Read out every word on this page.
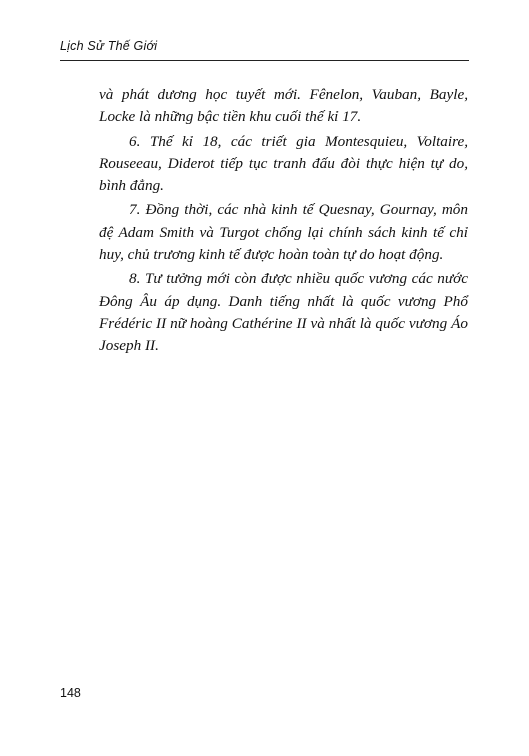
Lịch Sử Thế Giới

và phát dương học tuyết mới. Fênelon, Vauban, Bayle, Locke là những bậc tiền khu cuối thế kỉ 17.

6. Thế kỉ 18, các triết gia Montesquieu, Voltaire, Rouseeau, Diderot tiếp tục tranh đấu đòi thực hiện tự do, bình đẳng.

7. Đồng thời, các nhà kinh tế Quesnay, Gournay, môn đệ Adam Smith và Turgot chống lại chính sách kinh tế chỉ huy, chủ trương kinh tế được hoàn toàn tự do hoạt động.

8. Tư tưởng mới còn được nhiều quốc vương các nước Đông Âu áp dụng. Danh tiếng nhất là quốc vương Phổ Frédéric II nữ hoàng Cathérine II và nhất là quốc vương Áo Joseph II.

148
